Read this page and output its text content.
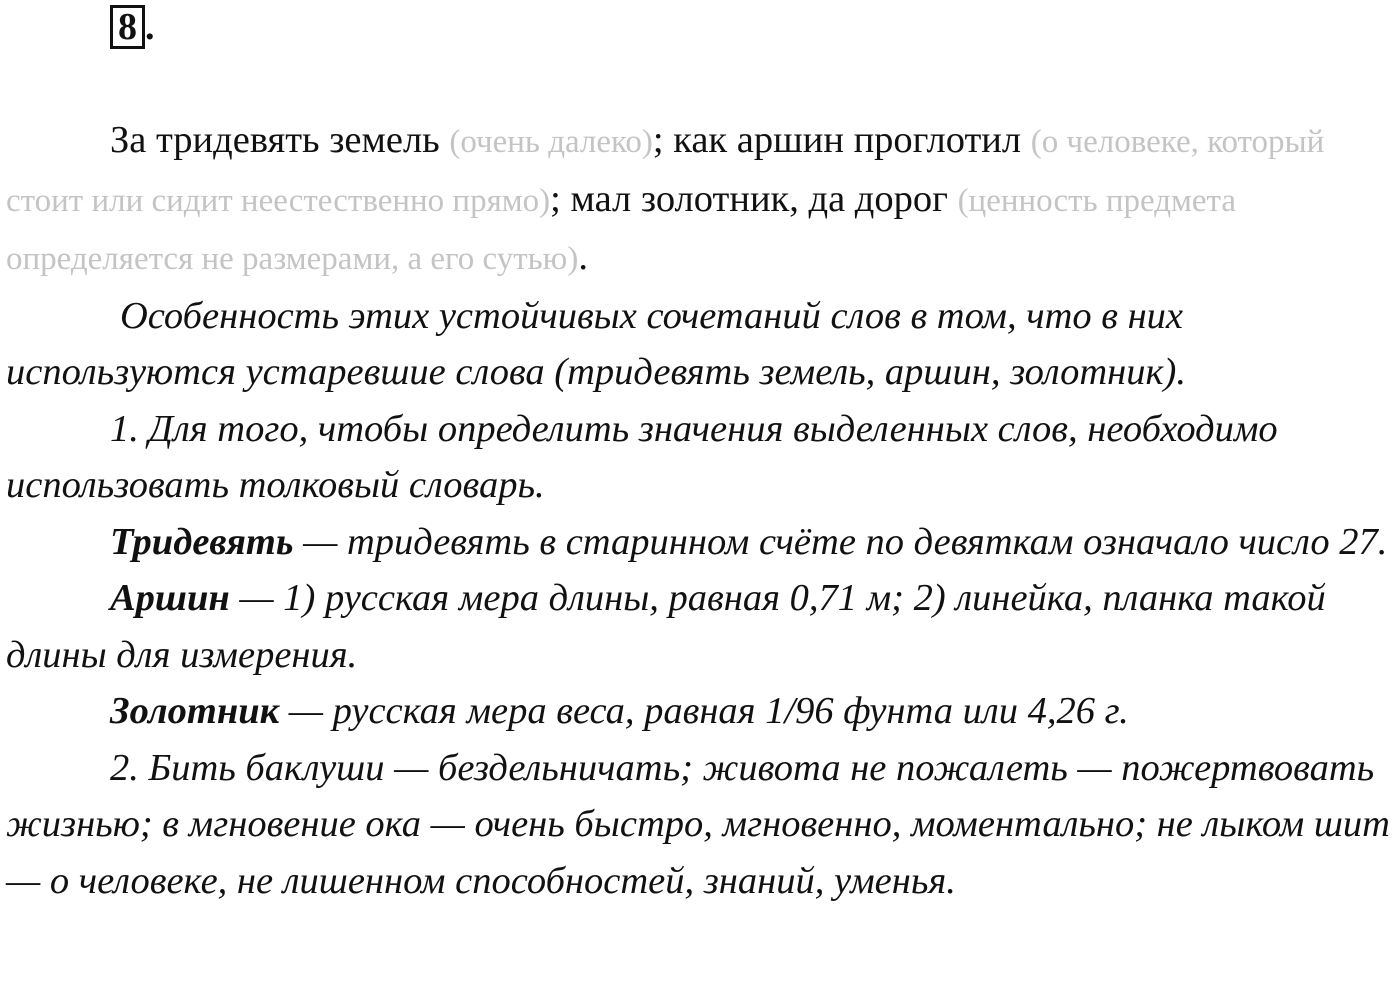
8 .

За тридевять земель (очень далеко); как аршин проглотил (о человеке, который стоит или сидит неестественно прямо); мал золотник, да дорог (ценность предмета определяется не размерами, а его сутью).

Особенность этих устойчивых сочетаний слов в том, что в них используются устаревшие слова (тридевять земель, аршин, золотник).

1. Для того, чтобы определить значения выделенных слов, необходимо использовать толковый словарь.

Тридевять — тридевять в старинном счёте по девяткам означало число 27.

Аршин — 1) русская мера длины, равная 0,71 м; 2) линейка, планка такой длины для измерения.

Золотник — русская мера веса, равная 1/96 фунта или 4,26 г.

2. Бить баклуши — бездельничать; живота не пожалеть — пожертвовать жизнью; в мгновение ока — очень быстро, мгновенно, моментально; не лыком шит — о человеке, не лишенном способностей, знаний, уменья.
